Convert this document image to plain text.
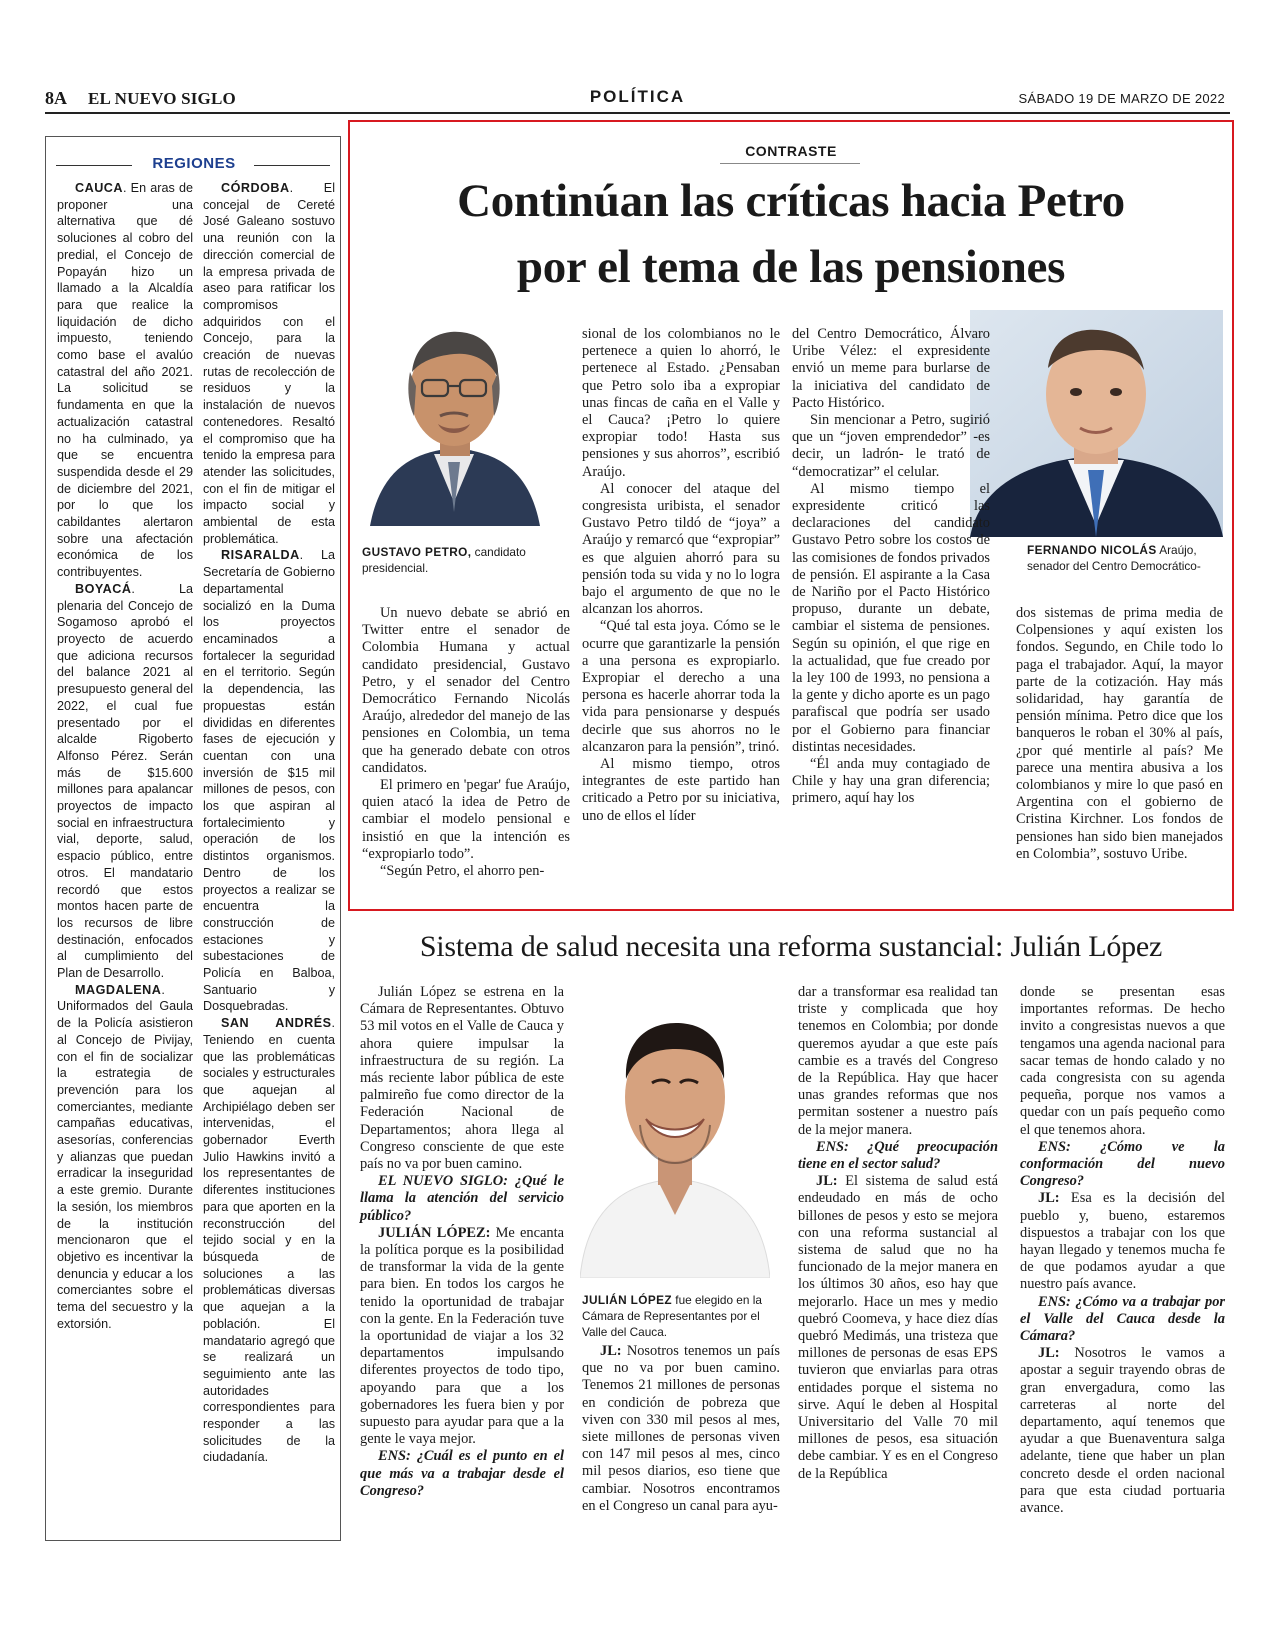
8A EL NUEVO SIGLO	POLÍTICA	SÁBADO 19 DE MARZO DE 2022
REGIONES

CAUCA. En aras de proponer una alternativa que dé soluciones al cobro del predial, el Concejo de Popayán hizo un llamado a la Alcaldía para que realice la liquidación de dicho impuesto, teniendo como base el avalúo catastral del año 2021. La solicitud se fundamenta en que la actualización catastral no ha culminado, ya que se encuentra suspendida desde el 29 de diciembre del 2021, por lo que los cabildantes alertaron sobre una afectación económica de los contribuyentes.

BOYACÁ. La plenaria del Concejo de Sogamoso aprobó el proyecto de acuerdo que adiciona recursos del balance 2021 al presupuesto general del 2022, el cual fue presentado por el alcalde Rigoberto Alfonso Pérez. Serán más de $15.600 millones para apalancar proyectos de impacto social en infraestructura vial, deporte, salud, espacio público, entre otros. El mandatario recordó que estos montos hacen parte de los recursos de libre destinación, enfocados al cumplimiento del Plan de Desarrollo.

MAGDALENA. Uniformados del Gaula de la Policía asistieron al Concejo de Pivijay, con el fin de socializar la estrategia de prevención para los comerciantes, mediante campañas educativas, asesorías, conferencias y alianzas que puedan erradicar la inseguridad a este gremio. Durante la sesión, los miembros de la institución mencionaron que el objetivo es incentivar la denuncia y educar a los comerciantes sobre el tema del secuestro y la extorsión.

CÓRDOBA. El concejal de Cereté José Galeano sostuvo una reunión con la dirección comercial de la empresa privada de aseo para ratificar los compromisos adquiridos con el Concejo, para la creación de nuevas rutas de recolección de residuos y la instalación de nuevos contenedores. Resaltó el compromiso que ha tenido la empresa para atender las solicitudes, con el fin de mitigar el impacto social y ambiental de esta problemática.

RISARALDA. La Secretaría de Gobierno departamental socializó en la Duma los proyectos encaminados a fortalecer la seguridad en el territorio. Según la dependencia, las propuestas están divididas en diferentes fases de ejecución y cuentan con una inversión de $15 mil millones de pesos, con los que aspiran al fortalecimiento y operación de los distintos organismos. Dentro de los proyectos a realizar se encuentra la construcción de estaciones y subestaciones de Policía en Balboa, Santuario y Dosquebradas.

SAN ANDRÉS. Teniendo en cuenta que las problemáticas sociales y estructurales que aquejan al Archipiélago deben ser intervenidas, el gobernador Everth Julio Hawkins invitó a los representantes de diferentes instituciones para que aporten en la reconstrucción del tejido social y en la búsqueda de soluciones a las problemáticas diversas que aquejan a la población. El mandatario agregó que se realizará un seguimiento ante las autoridades correspondientes para responder a las solicitudes de la ciudadanía.

CONTRASTE
Continúan las críticas hacia Petro
por el tema de las pensiones
GUSTAVO PETRO, candidato presidencial.
FERNANDO NICOLÁS Araújo, senador del Centro Democrático-

Un nuevo debate se abrió en Twitter entre el senador de Colombia Humana y actual candidato presidencial, Gustavo Petro, y el senador del Centro Democrático Fernando Nicolás Araújo, alrededor del manejo de las pensiones en Colombia, un tema que ha generado debate con otros candidatos.

El primero en 'pegar' fue Araújo, quien atacó la idea de Petro de cambiar el modelo pensional e insistió en que la intención es “expropiarlo todo”.

“Según Petro, el ahorro pen-

sional de los colombianos no le pertenece a quien lo ahorró, le pertenece al Estado. ¿Pensaban que Petro solo iba a expropiar unas fincas de caña en el Valle y el Cauca? ¡Petro lo quiere expropiar todo! Hasta sus pensiones y sus ahorros”, escribió Araújo.

Al conocer del ataque del congresista uribista, el senador Gustavo Petro tildó de “joya” a Araújo y remarcó que “expropiar” es que alguien ahorró para su pensión toda su vida y no lo logra bajo el argumento de que no le alcanzan los ahorros.

“Qué tal esta joya. Cómo se le ocurre que garantizarle la pensión a una persona es expropiarlo. Expropiar el derecho a una persona es hacerle ahorrar toda la vida para pensionarse y después decirle que sus ahorros no le alcanzaron para la pensión”, trinó.

Al mismo tiempo, otros integrantes de este partido han criticado a Petro por su iniciativa, uno de ellos el líder

del Centro Democrático, Álvaro Uribe Vélez: el expresidente envió un meme para burlarse de la iniciativa del candidato de Pacto Histórico.

Sin mencionar a Petro, sugirió que un “joven emprendedor” -es decir, un ladrón- le trató de “democratizar” el celular.

Al mismo tiempo el expresidente criticó las declaraciones del candidato Gustavo Petro sobre los costos de las comisiones de fondos privados de pensión. El aspirante a la Casa de Nariño por el Pacto Histórico propuso, durante un debate, cambiar el sistema de pensiones. Según su opinión, el que rige en la actualidad, que fue creado por la ley 100 de 1993, no pensiona a la gente y dicho aporte es un pago parafiscal que podría ser usado por el Gobierno para financiar distintas necesidades.

“Él anda muy contagiado de Chile y hay una gran diferencia; primero, aquí hay los

dos sistemas de prima media de Colpensiones y aquí existen los fondos. Segundo, en Chile todo lo paga el trabajador. Aquí, la mayor parte de la cotización. Hay más solidaridad, hay garantía de pensión mínima. Petro dice que los banqueros le roban el 30% al país, ¿por qué mentirle al país? Me parece una mentira abusiva a los colombianos y mire lo que pasó en Argentina con el gobierno de Cristina Kirchner. Los fondos de pensiones han sido bien manejados en Colombia”, sostuvo Uribe.

Sistema de salud necesita una reforma sustancial: Julián López
JULIÁN LÓPEZ fue elegido en la Cámara de Representantes por el Valle del Cauca.

Julián López se estrena en la Cámara de Representantes. Obtuvo 53 mil votos en el Valle de Cauca y ahora quiere impulsar la infraestructura de su región. La más reciente labor pública de este palmireño fue como director de la Federación Nacional de Departamentos; ahora llega al Congreso consciente de que este país no va por buen camino.

EL NUEVO SIGLO: ¿Qué le llama la atención del servicio público?

JULIÁN LÓPEZ: Me encanta la política porque es la posibilidad de transformar la vida de la gente para bien. En todos los cargos he tenido la oportunidad de trabajar con la gente. En la Federación tuve la oportunidad de viajar a los 32 departamentos impulsando diferentes proyectos de todo tipo, apoyando para que a los gobernadores les fuera bien y por supuesto para ayudar para que a la gente le vaya mejor.

ENS: ¿Cuál es el punto en el que más va a trabajar desde el Congreso?

JL: Nosotros tenemos un país que no va por buen camino. Tenemos 21 millones de personas en condición de pobreza que viven con 330 mil pesos al mes, siete millones de personas viven con 147 mil pesos al mes, cinco mil pesos diarios, eso tiene que cambiar. Nosotros encontramos en el Congreso un canal para ayu-

dar a transformar esa realidad tan triste y complicada que hoy tenemos en Colombia; por donde queremos ayudar a que este país cambie es a través del Congreso de la República. Hay que hacer unas grandes reformas que nos permitan sostener a nuestro país de la mejor manera.

ENS: ¿Qué preocupación tiene en el sector salud?

JL: El sistema de salud está endeudado en más de ocho billones de pesos y esto se mejora con una reforma sustancial al sistema de salud que no ha funcionado de la mejor manera en los últimos 30 años, eso hay que mejorarlo. Hace un mes y medio quebró Coomeva, y hace diez días quebró Medimás, una tristeza que millones de personas de esas EPS tuvieron que enviarlas para otras entidades porque el sistema no sirve. Aquí le deben al Hospital Universitario del Valle 70 mil millones de pesos, esa situación debe cambiar. Y es en el Congreso de la República

donde se presentan esas importantes reformas. De hecho invito a congresistas nuevos a que tengamos una agenda nacional para sacar temas de hondo calado y no cada congresista con su agenda pequeña, porque nos vamos a quedar con un país pequeño como el que tenemos ahora.

ENS: ¿Cómo ve la conformación del nuevo Congreso?

JL: Esa es la decisión del pueblo y, bueno, estaremos dispuestos a trabajar con los que hayan llegado y tenemos mucha fe de que podamos ayudar a que nuestro país avance.

ENS: ¿Cómo va a trabajar por el Valle del Cauca desde la Cámara?

JL: Nosotros le vamos a apostar a seguir trayendo obras de gran envergadura, como las carreteras al norte del departamento, aquí tenemos que ayudar a que Buenaventura salga adelante, tiene que haber un plan concreto desde el orden nacional para que esta ciudad portuaria avance.
